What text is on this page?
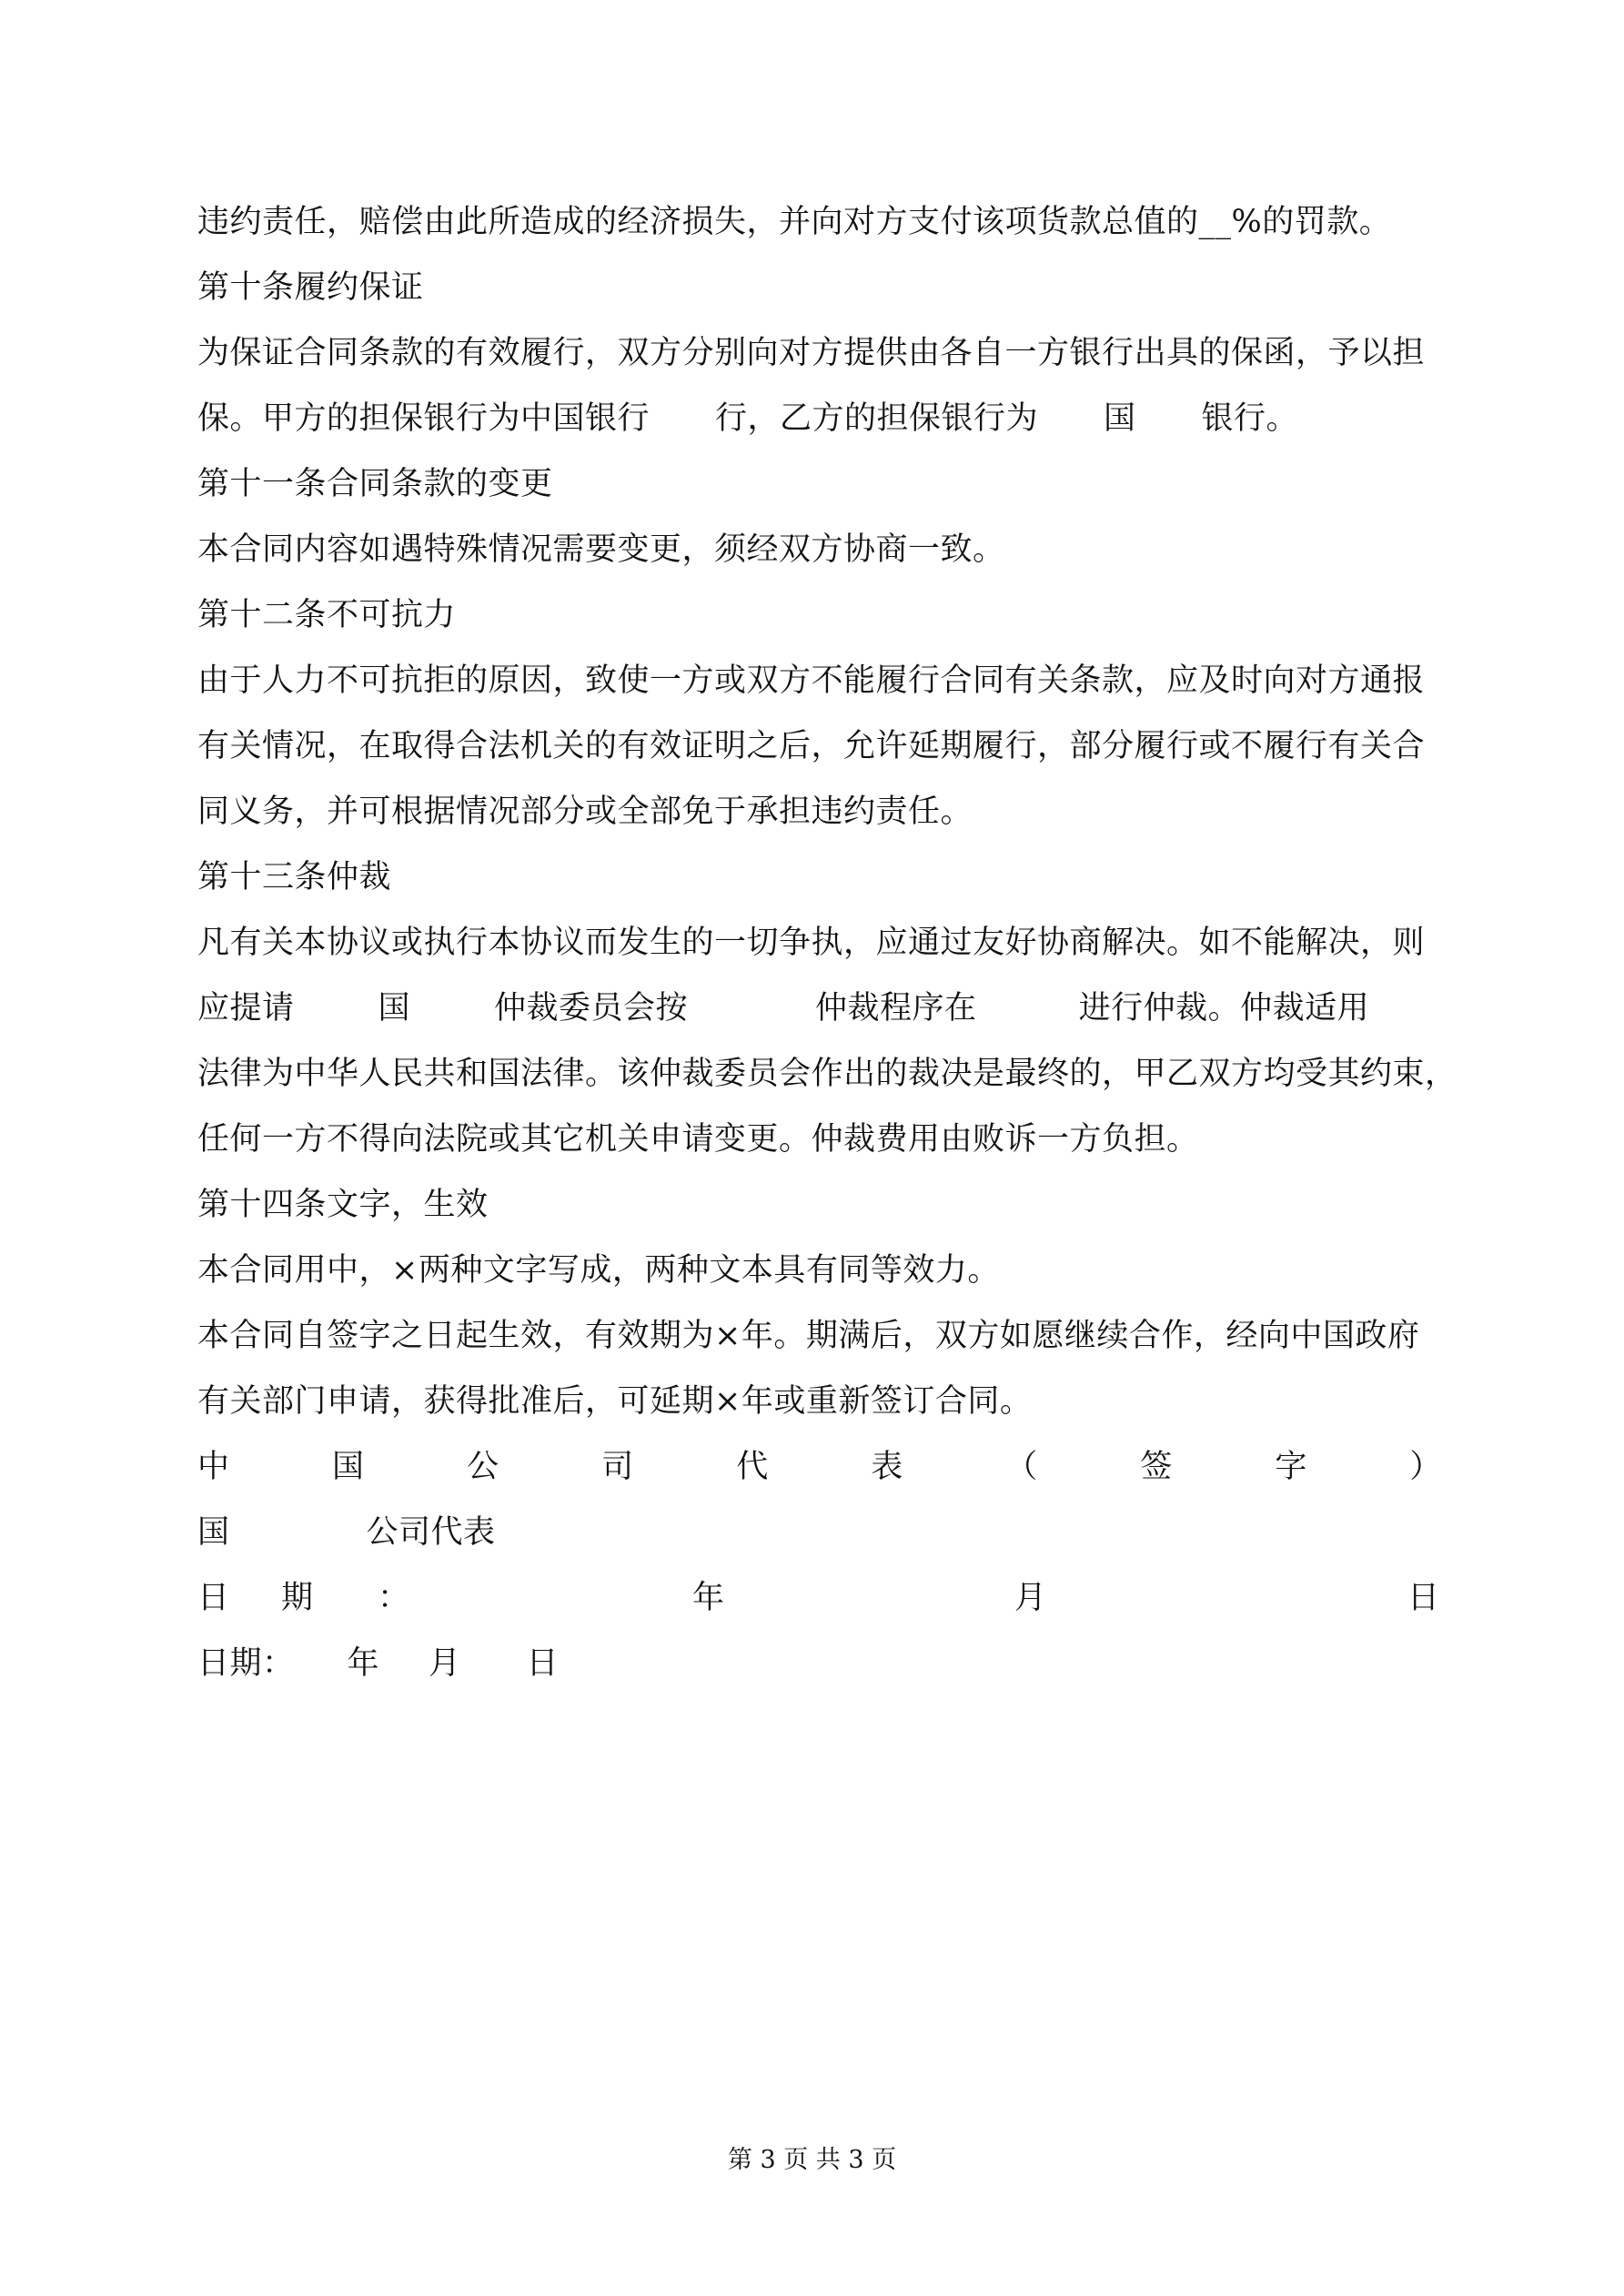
违约责任，赔偿由此所造成的经济损失，并向对方支付该项货款总值的__%的罚款。
第十条履约保证
为保证合同条款的有效履行，双方分别向对方提供由各自一方银行出具的保函，予以担
保。甲方的担保银行为中国银行 行，乙方的担保银行为 国 银行。
第十一条合同条款的变更
本合同内容如遇特殊情况需要变更，须经双方协商一致。
第十二条不可抗力
由于人力不可抗拒的原因，致使一方或双方不能履行合同有关条款，应及时向对方通报
有关情况，在取得合法机关的有效证明之后，允许延期履行，部分履行或不履行有关合
同义务，并可根据情况部分或全部免于承担违约责任。
第十三条仲裁
凡有关本协议或执行本协议而发生的一切争执，应通过友好协商解决。如不能解决，则
应提请	国	仲裁委员会按	仲裁程序在	进行仲裁。仲裁适用
法律为中华人民共和国法律。该仲裁委员会作出的裁决是最终的，甲乙双方均受其约束，
任何一方不得向法院或其它机关申请变更。仲裁费用由败诉一方负担。
第十四条文字，生效
本合同用中，×两种文字写成，两种文本具有同等效力。
本合同自签字之日起生效，有效期为×年。期满后，双方如愿继续合作，经向中国政府
有关部门申请，获得批准后，可延期×年或重新签订合同。
中	国	公	司	代	表	（	签	字	）
国	公司代表
日 期 ：	年	月	日
日期： 年 月 日
第 3 页 共 3 页
